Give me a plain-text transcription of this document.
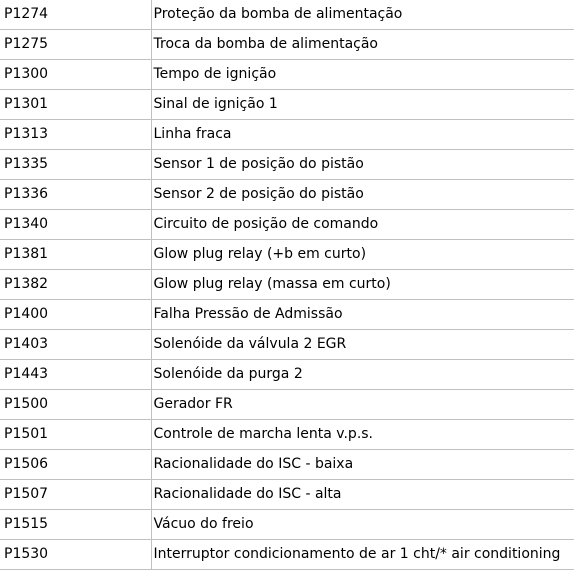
P1274	Proteção da bomba de alimentação
P1275	Troca da bomba de alimentação
P1300	Tempo de ignição
P1301	Sinal de ignição 1
P1313	Linha fraca
P1335	Sensor 1 de posição do pistão
P1336	Sensor 2 de posição do pistão
P1340	Circuito de posição de comando
P1381	Glow plug relay (+b em curto)
P1382	Glow plug relay (massa em curto)
P1400	Falha Pressão de Admissão
P1403	Solenóide da válvula 2 EGR
P1443	Solenóide da purga 2
P1500	Gerador FR
P1501	Controle de marcha lenta v.p.s.
P1506	Racionalidade do ISC - baixa
P1507	Racionalidade do ISC - alta
P1515	Vácuo do freio
P1530	Interruptor condicionamento de ar 1 cht/* air conditioning
